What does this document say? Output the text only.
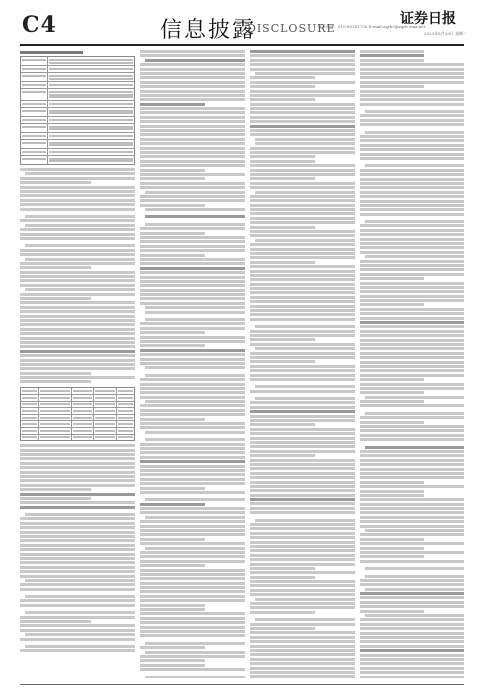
C4	信息披露
DISCLOSURE
证券日报
联系电话：010-83251730 E-mail:zqrb9@zqrb.sina.net
2023年8月29日 星期二
